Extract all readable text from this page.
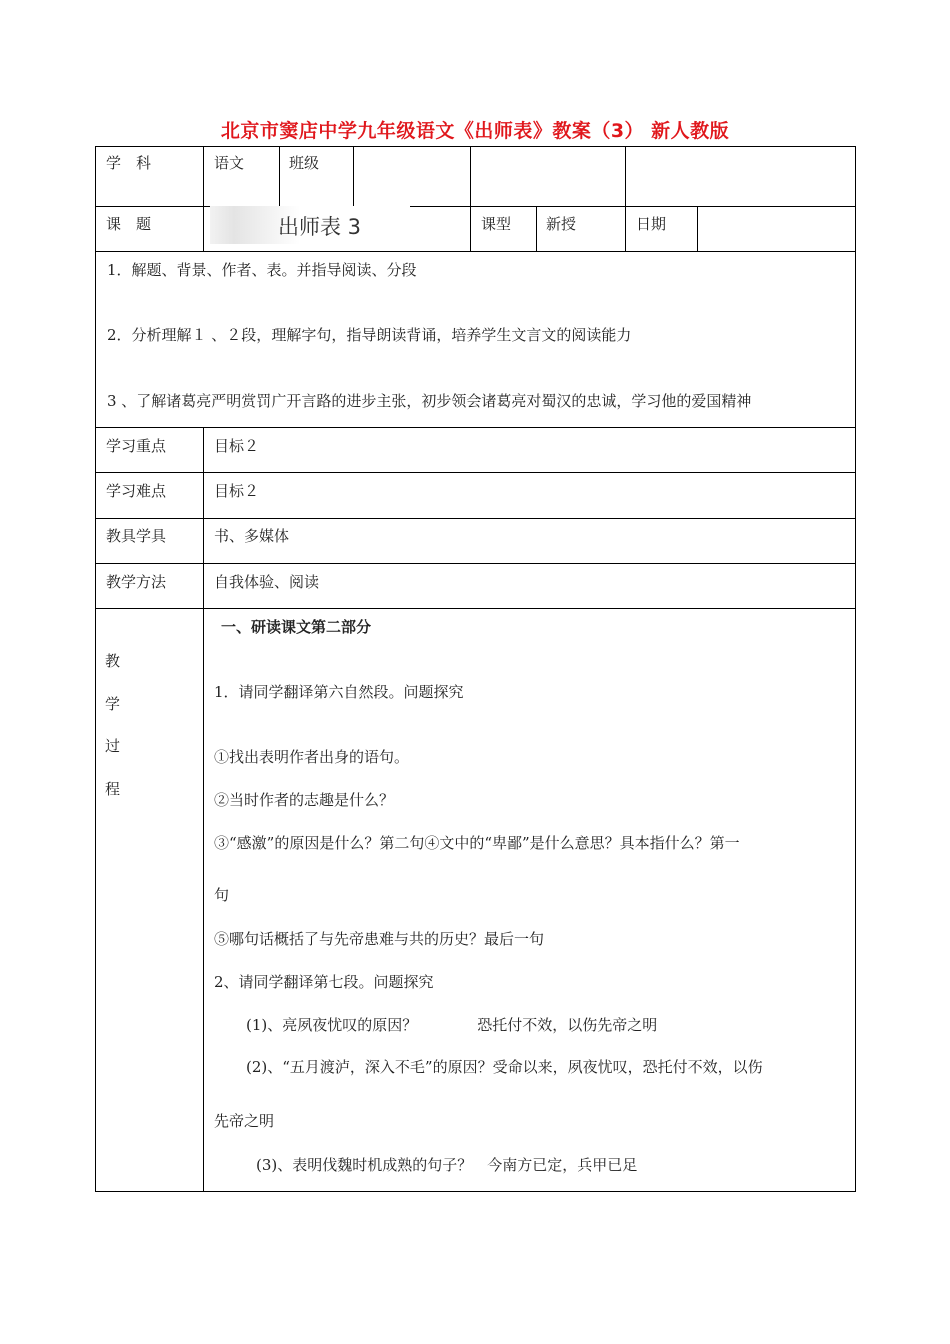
北京市窦店中学九年级语文《出师表》教案（3） 新人教版
学　科	语文	班级
课　题	出师表 3	课型 新授	日期
1．解题、背景、作者、表。并指导阅读、分段
2．分析理解１ 、２段，理解字句，指导朗读背诵，培养学生文言文的阅读能力
3 、了解诸葛亮严明赏罚广开言路的进步主张，初步领会诸葛亮对蜀汉的忠诚，学习他的爱国精神
学习重点	目标２
学习难点	目标２
教具学具	书、多媒体
教学方法	自我体验、阅读
教
学
过
程
一、研读课文第二部分
1．请同学翻译第六自然段。问题探究
①找出表明作者出身的语句。
②当时作者的志趣是什么？
③“感激”的原因是什么？第二句④文中的“卑鄙”是什么意思？具本指什么？第一
句
⑤哪句话概括了与先帝患难与共的历史？最后一句
2、请同学翻译第七段。问题探究
(1)、亮夙夜忧叹的原因？　　　　恐托付不效，以伤先帝之明
(2)、“五月渡泸，深入不毛”的原因？受命以来，夙夜忧叹，恐托付不效，以伤
先帝之明
(3)、表明伐魏时机成熟的句子？　今南方已定，兵甲已足
